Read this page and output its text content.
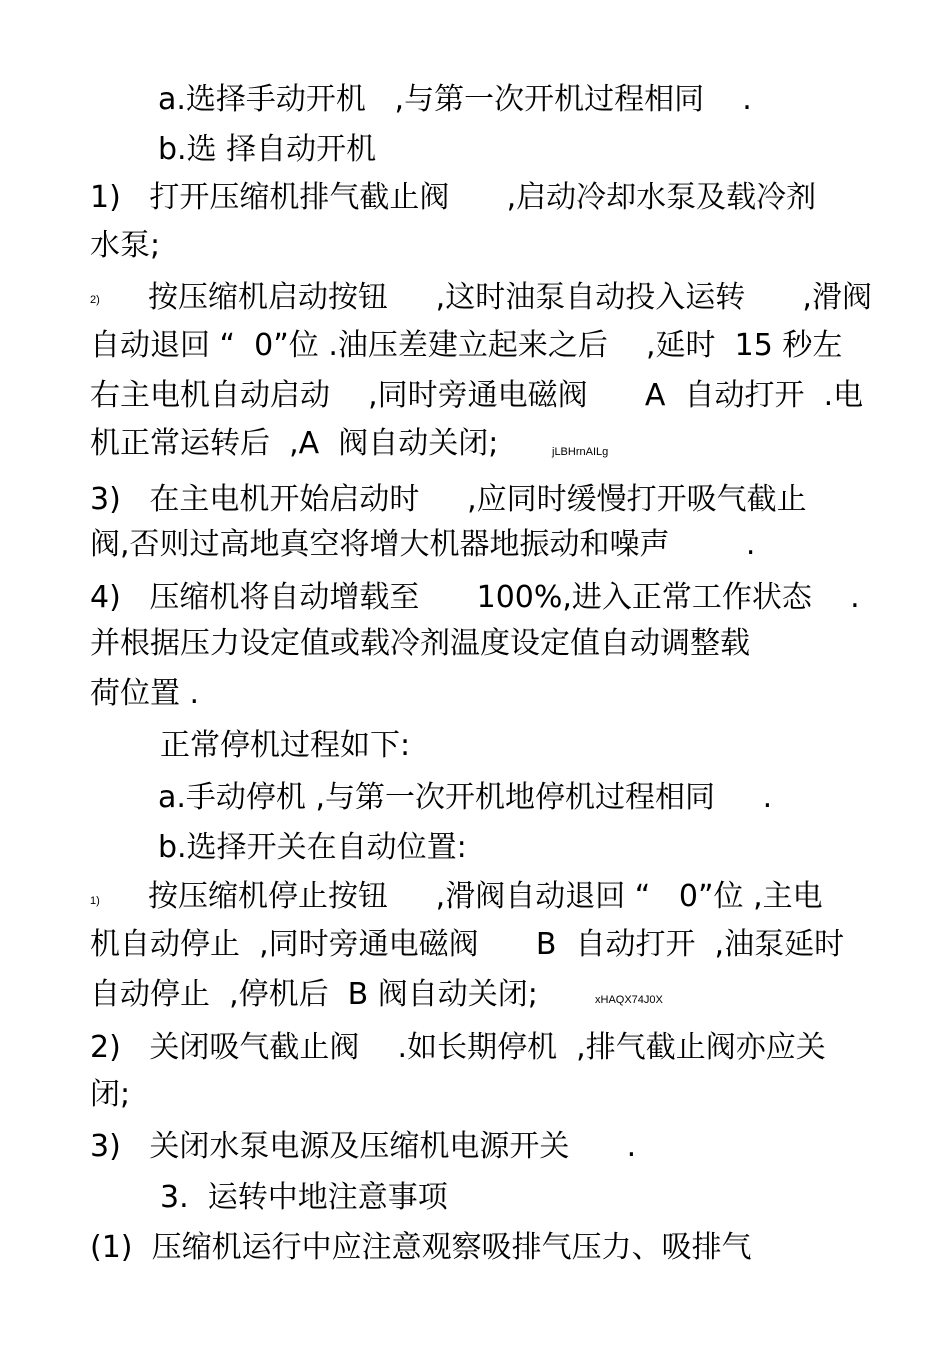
a.选择手动开机   ,与第一次开机过程相同    .
b.选 择自动开机
1)   打开压缩机排气截止阀      ,启动冷却水泵及载冷剂
水泵;
2) 按压缩机启动按钮     ,这时油泵自动投入运转      ,滑阀
自动退回 “  0”位 .油压差建立起来之后    ,延时  15 秒左
右主电机自动启动    ,同时旁通电磁阀      A  自动打开  .电
机正常运转后  ,A  阀自动关闭;	jLBHrnAILg
3)   在主电机开始启动时     ,应同时缓慢打开吸气截止
阀,否则过高地真空将增大机器地振动和噪声        .
4)   压缩机将自动增载至      100%,进入正常工作状态    .
并根据压力设定值或载冷剂温度设定值自动调整载
荷位置 .
正常停机过程如下:
a.手动停机 ,与第一次开机地停机过程相同     .
b.选择开关在自动位置:
1) 按压缩机停止按钮     ,滑阀自动退回 “   0”位 ,主电
机自动停止  ,同时旁通电磁阀      B  自动打开  ,油泵延时
自动停止  ,停机后  B 阀自动关闭;	xHAQX74J0X
2)   关闭吸气截止阀    .如长期停机  ,排气截止阀亦应关
闭;
3)   关闭水泵电源及压缩机电源开关      .
3.  运转中地注意事项
(1)  压缩机运行中应注意观察吸排气压力、吸排气
